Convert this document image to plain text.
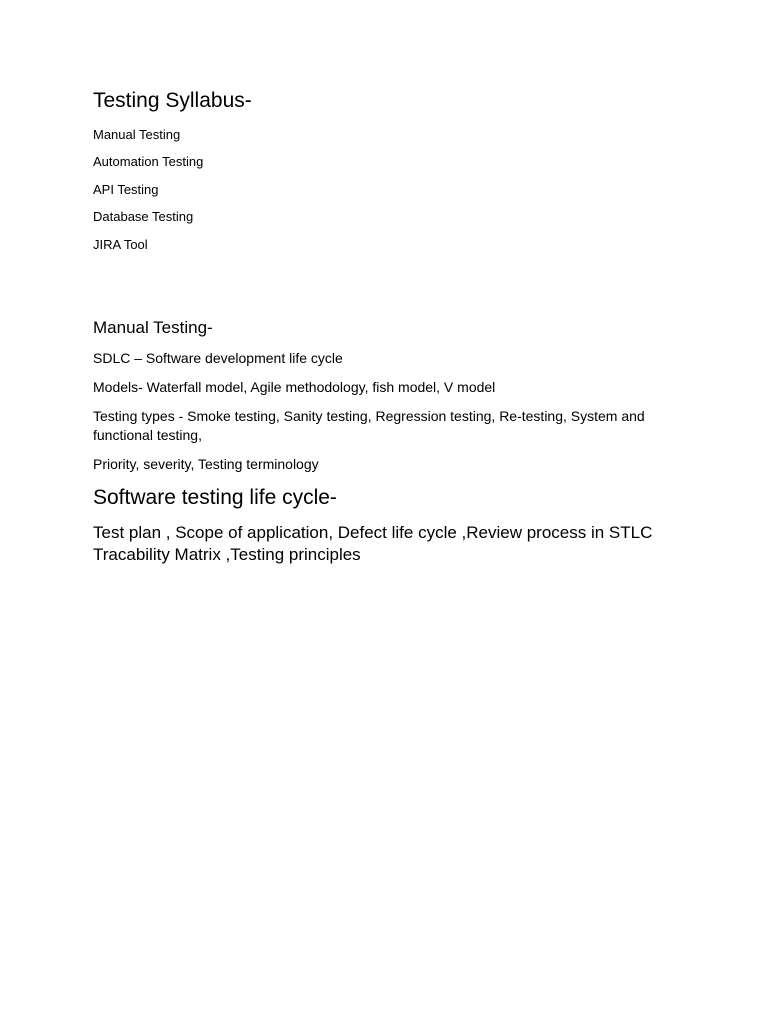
Testing Syllabus-
Manual Testing
Automation Testing
API Testing
Database Testing
JIRA Tool
Manual Testing-
SDLC – Software development life cycle
Models- Waterfall model, Agile methodology, fish model, V model
Testing types - Smoke testing, Sanity testing, Regression testing, Re-testing, System and functional testing,
Priority, severity, Testing terminology
Software testing life cycle-
Test plan , Scope of application, Defect life cycle ,Review process in STLC
Tracability Matrix ,Testing principles
